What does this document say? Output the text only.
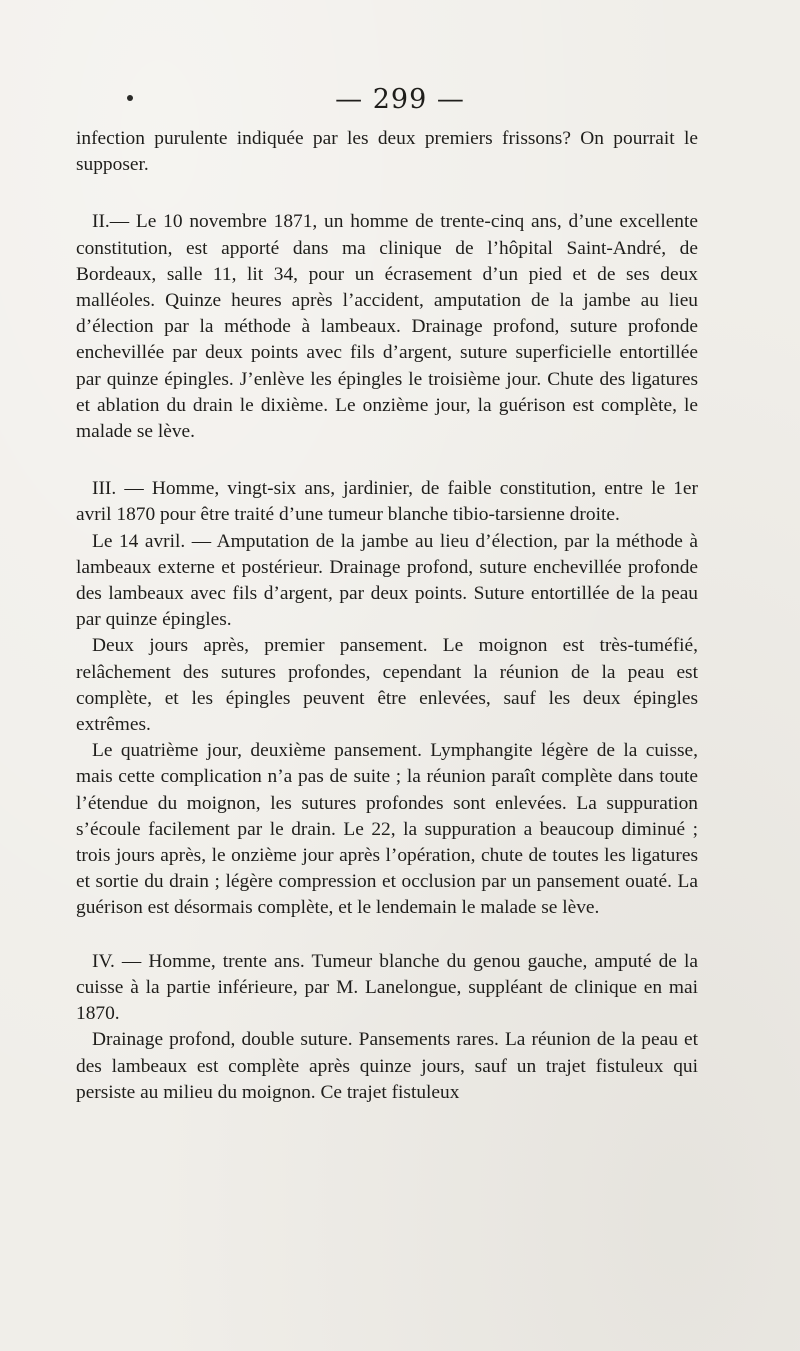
— 299 —

infection purulente indiquée par les deux premiers frissons? On pourrait le supposer.

II.— Le 10 novembre 1871, un homme de trente-cinq ans, d’une excellente constitution, est apporté dans ma clinique de l’hôpital Saint-André, de Bordeaux, salle 11, lit 34, pour un écrasement d’un pied et de ses deux malléoles. Quinze heures après l’accident, amputation de la jambe au lieu d’élection par la méthode à lambeaux. Drainage profond, suture profonde enchevillée par deux points avec fils d’argent, suture superficielle entortillée par quinze épingles. J’enlève les épingles le troisième jour. Chute des ligatures et ablation du drain le dixième. Le onzième jour, la guérison est complète, le malade se lève.

III. — Homme, vingt-six ans, jardinier, de faible constitution, entre le 1er avril 1870 pour être traité d’une tumeur blanche tibio-tarsienne droite.

Le 14 avril. — Amputation de la jambe au lieu d’élection, par la méthode à lambeaux externe et postérieur. Drainage profond, suture enchevillée profonde des lambeaux avec fils d’argent, par deux points. Suture entortillée de la peau par quinze épingles.

Deux jours après, premier pansement. Le moignon est très-tuméfié, relâchement des sutures profondes, cependant la réunion de la peau est complète, et les épingles peuvent être enlevées, sauf les deux épingles extrêmes.

Le quatrième jour, deuxième pansement. Lymphangite légère de la cuisse, mais cette complication n’a pas de suite ; la réunion paraît complète dans toute l’étendue du moignon, les sutures profondes sont enlevées. La suppuration s’écoule facilement par le drain. Le 22, la suppuration a beaucoup diminué ; trois jours après, le onzième jour après l’opération, chute de toutes les ligatures et sortie du drain ; légère compression et occlusion par un pansement ouaté. La guérison est désormais complète, et le lendemain le malade se lève.

IV. — Homme, trente ans. Tumeur blanche du genou gauche, amputé de la cuisse à la partie inférieure, par M. Lanelongue, suppléant de clinique en mai 1870.

Drainage profond, double suture. Pansements rares. La réunion de la peau et des lambeaux est complète après quinze jours, sauf un trajet fistuleux qui persiste au milieu du moignon. Ce trajet fistuleux
